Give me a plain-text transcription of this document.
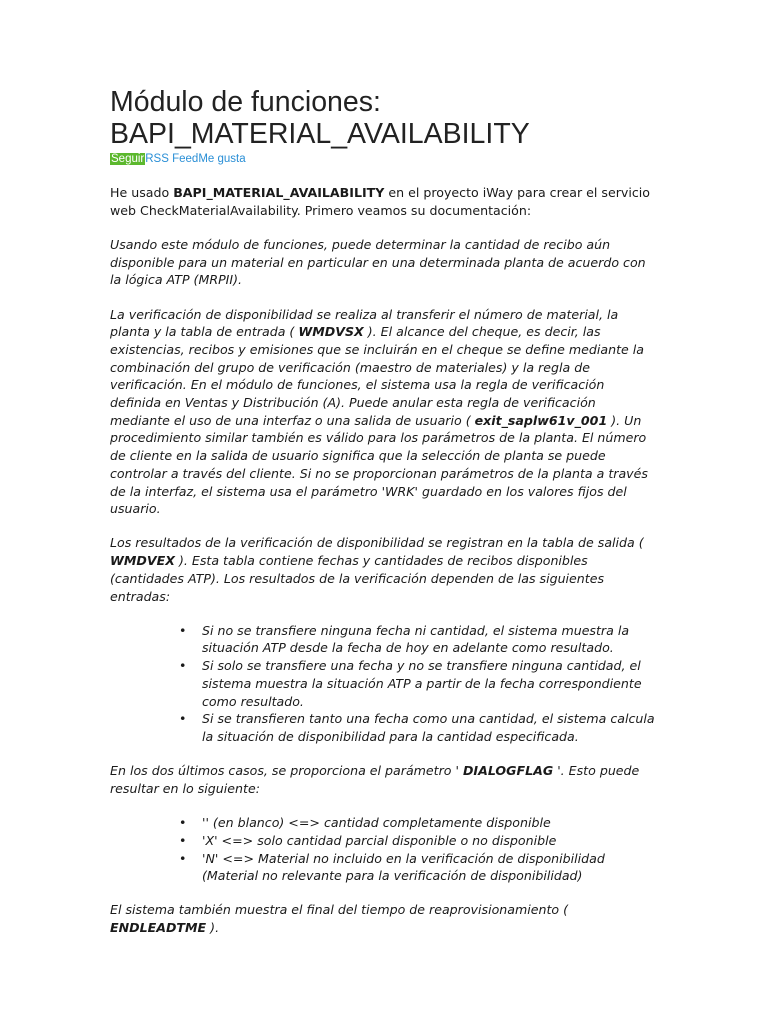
Módulo de funciones:
BAPI_MATERIAL_AVAILABILITY
SeguirRSS FeedMe gusta

He usado BAPI_MATERIAL_AVAILABILITY en el proyecto iWay para crear el servicio web CheckMaterialAvailability. Primero veamos su documentación:

Usando este módulo de funciones, puede determinar la cantidad de recibo aún disponible para un material en particular en una determinada planta de acuerdo con la lógica ATP (MRPII).

La verificación de disponibilidad se realiza al transferir el número de material, la planta y la tabla de entrada ( WMDVSX ). El alcance del cheque, es decir, las existencias, recibos y emisiones que se incluirán en el cheque se define mediante la combinación del grupo de verificación (maestro de materiales) y la regla de verificación. En el módulo de funciones, el sistema usa la regla de verificación definida en Ventas y Distribución (A). Puede anular esta regla de verificación mediante el uso de una interfaz o una salida de usuario ( exit_saplw61v_001 ). Un procedimiento similar también es válido para los parámetros de la planta. El número de cliente en la salida de usuario significa que la selección de planta se puede controlar a través del cliente. Si no se proporcionan parámetros de la planta a través de la interfaz, el sistema usa el parámetro 'WRK' guardado en los valores fijos del usuario.

Los resultados de la verificación de disponibilidad se registran en la tabla de salida ( WMDVEX ). Esta tabla contiene fechas y cantidades de recibos disponibles (cantidades ATP). Los resultados de la verificación dependen de las siguientes entradas:

• Si no se transfiere ninguna fecha ni cantidad, el sistema muestra la situación ATP desde la fecha de hoy en adelante como resultado.
• Si solo se transfiere una fecha y no se transfiere ninguna cantidad, el sistema muestra la situación ATP a partir de la fecha correspondiente como resultado.
• Si se transfieren tanto una fecha como una cantidad, el sistema calcula la situación de disponibilidad para la cantidad especificada.

En los dos últimos casos, se proporciona el parámetro ' DIALOGFLAG '. Esto puede resultar en lo siguiente:

• '' (en blanco) <=> cantidad completamente disponible
• 'X' <=> solo cantidad parcial disponible o no disponible
• 'N' <=> Material no incluido en la verificación de disponibilidad (Material no relevante para la verificación de disponibilidad)

El sistema también muestra el final del tiempo de reaprovisionamiento ( ENDLEADTME ).
